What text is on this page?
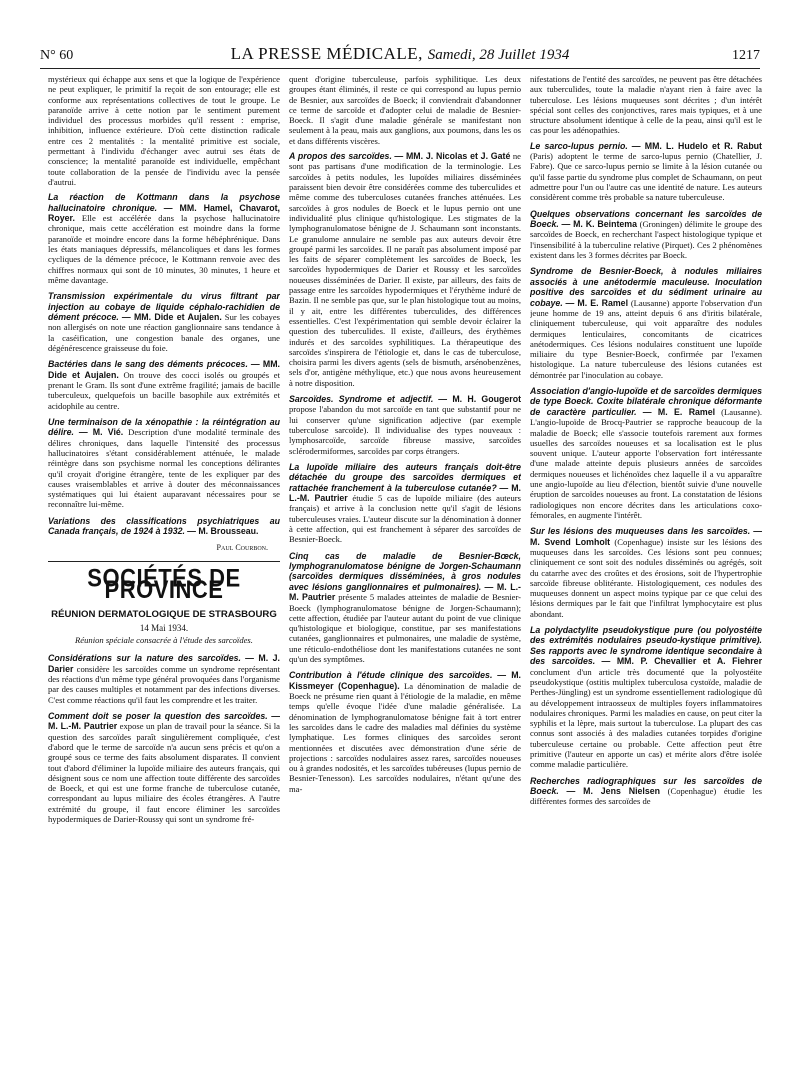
N° 60	LA PRESSE MÉDICALE, Samedi, 28 Juillet 1934	1217

mystérieux qui échappe aux sens et que la logique de l'expérience ne peut expliquer, le primitif la reçoit de son entourage; elle est conforme aux représentations collectives de tout le groupe. Le paranoïde arrive à cette notion par le sentiment purement individuel des processus morbides qu'il ressent : emprise, inhibition, influence extérieure. D'où cette distinction radicale entre ces 2 mentalités : la mentalité primitive est sociale, permettant à l'individu d'échanger avec autrui ses états de conscience; la mentalité paranoïde est individuelle, empêchant toute collaboration de la pensée de l'individu avec la pensée d'autrui.

La réaction de Kottmann dans la psychose hallucinatoire chronique. — MM. Hamel, Chavarot, Royer. Elle est accélérée dans la psychose hallucinatoire chronique, mais cette accélération est moindre dans la forme paranoïde et moindre encore dans la forme hébéphrénique. Dans les états maniaques dépressifs, mélancoliques et dans les formes cycliques de la démence précoce, le Kottmann renvoie avec des chiffres normaux qui sont de 10 minutes, 30 minutes, 1 heure et même davantage.
Transmission expérimentale du virus filtrant par injection au cobaye de liquide céphalo-rachidien de dément précoce. — MM. Dide et Aujalen. Sur les cobayes non allergisés on note une réaction ganglionnaire sans tendance à la caséification, une congestion banale des organes, une dégénérescence graisseuse du foie.
Bactéries dans le sang des déments précoces. — MM. Dide et Aujalen. On trouve des cocci isolés ou groupés et prenant le Gram. Ils sont d'une extrême fragilité; jamais de bacille tuberculeux, quelquefois un bacille basophile aux extrémités et acidophile au centre.
Une terminaison de la xénopathie : la réintégration au délire. — M. Vié. Description d'une modalité terminale des délires chroniques, dans laquelle l'intensité des processus hallucinatoires s'étant considérablement atténuée, le malade réintègre dans son psychisme normal les conceptions délirantes qu'il croyait d'origine étrangère, tente de les expliquer par des causes vraisemblables et arrive à douter des méconnaissances systématiques qui lui étaient auparavant nécessaires pour se reconnaître lui-même.
Variations des classifications psychiatriques au Canada français, de 1924 à 1932. — M. Brousseau.
Paul Courbon.
SOCIÉTÉS DE PROVINCE
RÉUNION DERMATOLOGIQUE DE STRASBOURG
14 Mai 1934.
Réunion spéciale consacrée à l'étude des sarcoïdes.
Considérations sur la nature des sarcoïdes. — M. J. Darier considère les sarcoïdes comme un syndrome représentant des réactions d'un même type général provoquées dans l'organisme par des causes multiples et notamment par des infections diverses. C'est comme réactions qu'il faut les comprendre et les traiter.
Comment doit se poser la question des sarcoïdes. — M. L.-M. Pautrier expose un plan de travail pour la séance. Si la question des sarcoïdes paraît singulièrement compliquée, c'est d'abord que le terme de sarcoïde n'a aucun sens précis et qu'on a groupé sous ce terme des faits absolument disparates. Il convient tout d'abord d'éliminer la lupoïde miliaire des auteurs français, qui désignent sous ce nom une affection toute différente des sarcoïdes de Boeck, et qui est une forme franche de tuberculose cutanée, correspondant au lupus miliaire des écoles étrangères. A l'autre extrémité du groupe, il faut encore éliminer les sarcoïdes hypodermiques de Darier-Roussy qui sont un syndrome fré-

quent d'origine tuberculeuse, parfois syphilitique. Les deux groupes étant éliminés, il reste ce qui correspond au lupus pernio de Besnier, aux sarcoïdes de Boeck; il conviendrait d'abandonner ce terme de sarcoïde et d'adopter celui de maladie de Besnier-Boeck. Il s'agit d'une maladie générale se manifestant non seulement à la peau, mais aux ganglions, aux poumons, dans les os et dans différents viscères.

A propos des sarcoïdes. — MM. J. Nicolas et J. Gaté ne sont pas partisans d'une modification de la terminologie. Les sarcoïdes à petits nodules, les lupoïdes miliaires disséminées paraissent bien devoir être considérées comme des tuberculides et même comme des tuberculoses cutanées franches atténuées. Les sarcoïdes à gros nodules de Boeck et le lupus pernio ont une individualité plus clinique qu'histologique. Les stigmates de la lymphogranulomatose bénigne de J. Schaumann sont inconstants. Le granulome annulaire ne semble pas aux auteurs devoir être groupé parmi les sarcoïdes. Il ne paraît pas absolument imposé par les faits de séparer complètement les sarcoïdes de Boeck, les sarcoïdes hypodermiques de Darier et Roussy et les sarcoïdes noueuses disséminées de Darier. Il existe, par ailleurs, des faits de passage entre les sarcoïdes hypodermiques et l'érythème induré de Bazin. Il ne semble pas que, sur le plan histologique tout au moins, il y ait, entre les différentes tuberculides, des différences essentielles. C'est l'expérimentation qui semble devoir éclairer la question des tuberculides. Il existe, d'ailleurs, des érythèmes indurés et des sarcoïdes syphilitiques. La thérapeutique des sarcoïdes s'inspirera de l'étiologie et, dans le cas de tuberculose, choisira parmi les divers agents (sels de bismuth, arsénobenzènes, sels d'or, antigène méthylique, etc.) que nous avons heureusement à notre disposition.
Sarcoïdes. Syndrome et adjectif. — M. H. Gougerot propose l'abandon du mot sarcoïde en tant que substantif pour ne lui conserver qu'une signification adjective (par exemple tuberculose sarcoïde). Il individualise des types nouveaux : lymphosarcoïde, sarcoïde fibreuse massive, sarcoïdes sclérodermiformes, sarcoïdes par corps étrangers.
La lupoïde miliaire des auteurs français doit-être détachée du groupe des sarcoïdes dermiques et rattachée franchement à la tuberculose cutanée? — M. L.-M. Pautrier étudie 5 cas de lupoïde miliaire (des auteurs français) et arrive à la conclusion nette qu'il s'agit de lésions tuberculeuses vraies. L'auteur discute sur la dénomination à donner à cette affection, qui est franchement à séparer des sarcoïdes de Besnier-Boeck.
Cinq cas de maladie de Besnier-Bœck, lymphogranulomatose bénigne de Jorgen-Schaumann (sarcoïdes dermiques disséminées, à gros nodules avec lésions ganglionnaires et pulmonaires). — M. L.-M. Pautrier présente 5 malades atteintes de maladie de Besnier-Boeck (lymphogranulomatose bénigne de Jorgen-Schaumann); cette affection, étudiée par l'auteur autant du point de vue clinique qu'histologique et biologique, constitue, par ses manifestations cutanées, ganglionnaires et pulmonaires, une maladie de système, une réticulo-endothéliose dont les manifestations cutanées ne sont qu'un des symptômes.
Contribution à l'étude clinique des sarcoïdes. — M. Kissmeyer (Copenhague). La dénomination de maladie de Boeck ne présume rien quant à l'étiologie de la maladie, en même temps qu'elle évoque l'idée d'une maladie généralisée. La dénomination de lymphogranulomatose bénigne fait à tort entrer les sarcoïdes dans le cadre des maladies mal définies du système lymphatique. Les formes cliniques des sarcoïdes seront mentionnées et discutées avec démonstration d'une série de projections : sarcoïdes nodulaires assez rares, sarcoïdes noueuses ou à grandes nodosités, et les sarcoïdes tubéreuses (lupus pernio de Besnier-Tenesson). Les sarcoïdes nodulaires, n'étant qu'une des ma-

nifestations de l'entité des sarcoïdes, ne peuvent pas être détachées aux tuberculides, toute la maladie n'ayant rien à faire avec la tuberculose. Les lésions muqueuses sont décrites ; d'un intérêt spécial sont celles des conjonctives, rares mais typiques, et à une structure absolument identique à celle de la peau, ainsi qu'il est le cas pour les adénopathies.

Le sarco-lupus pernio. — MM. L. Hudelo et R. Rabut (Paris) adoptent le terme de sarco-lupus pernio (Chatellier, J. Fabre). Que ce sarco-lupus pernio se limite à la lésion cutanée ou qu'il fasse partie du syndrome plus complet de Schaumann, on peut admettre pour l'un ou l'autre cas une identité de nature. Les auteurs considèrent comme très probable sa nature tuberculeuse.
Quelques observations concernant les sarcoïdes de Boeck. — M. K. Beintema (Groningen) délimite le groupe des sarcoïdes de Boeck, en recherchant l'aspect histologique typique et l'insensibilité à la tuberculine relative (Pirquet). Ces 2 phénomènes existent dans les 3 formes décrites par Boeck.
Syndrome de Besnier-Boeck, à nodules miliaires associés à une anétodermie maculeuse. Inoculation positive des sarcoïdes et du sédiment urinaire au cobaye. — M. E. Ramel (Lausanne) apporte l'observation d'un jeune homme de 19 ans, atteint depuis 6 ans d'iritis bilatérale, cliniquement tuberculeuse, qui voit apparaître des nodules dermiques lenticulaires, concomitants de cicatrices anétodermiques. Ces lésions nodulaires constituent une lupoïde miliaire du type Besnier-Boeck, confirmée par l'examen histologique. La nature tuberculeuse des lésions cutanées est démontrée par l'inoculation au cobaye.
Association d'angio-lupoïde et de sarcoïdes dermiques de type Boeck. Coxite bilatérale chronique déformante de caractère particulier. — M. E. Ramel (Lausanne). L'angio-lupoïde de Brocq-Pautrier se rapproche beaucoup de la maladie de Boeck; elle s'associe toutefois rarement aux formes usuelles des sarcoïdes noueuses et sa localisation est le plus souvent unique. L'auteur apporte l'observation fort intéressante d'une malade atteinte depuis plusieurs années de sarcoïdes dermiques noueuses et lichénoïdes chez laquelle il a vu apparaître une angio-lupoïde au lieu d'élection, bientôt suivie d'une nouvelle éruption de sarcoïdes noueuses au front. La constatation de lésions radiologiques non encore décrites dans les articulations coxo-fémorales, en augmente l'intérêt.
Sur les lésions des muqueuses dans les sarcoïdes. — M. Svend Lomholt (Copenhague) insiste sur les lésions des muqueuses dans les sarcoïdes. Ces lésions sont peu connues; cliniquement ce sont soit des nodules disséminés ou agrégés, soit du catarrhe avec des croûtes et des érosions, soit de l'hypertrophie sarcoïde fibreuse oblitérante. Histologiquement, ces nodules des muqueuses donnent un aspect moins typique par ce que celui des lésions dermiques par le fait que l'infiltrat lymphocytaire est plus abondant.
La polydactylite pseudokystique pure (ou polyostéite des extrémités nodulaires pseudo-kystique primitive). Ses rapports avec le syndrome identique secondaire à des sarcoïdes. — MM. P. Chevallier et A. Fiehrer conclument d'un article très documenté que la polyostéite pseudokystique (ostitis multiplex tuberculosa cystoïde, maladie de Perthes-Jüngling) est un syndrome essentiellement radiologique dû au développement intraosseux de multiples foyers inflammatoires nodulaires chroniques. Parmi les maladies en cause, on peut citer la syphilis et la lèpre, mais surtout la tuberculose. La plupart des cas connus sont associés à des maladies cutanées torpides d'origine tuberculeuse certaine ou probable. Cette affection peut être primitive (l'auteur en apporte un cas) et mérite alors d'être isolée comme maladie particulière.
Recherches radiographiques sur les sarcoïdes de Boeck. — M. Jens Nielsen (Copenhague) étudie les différentes formes des sarcoïdes de
